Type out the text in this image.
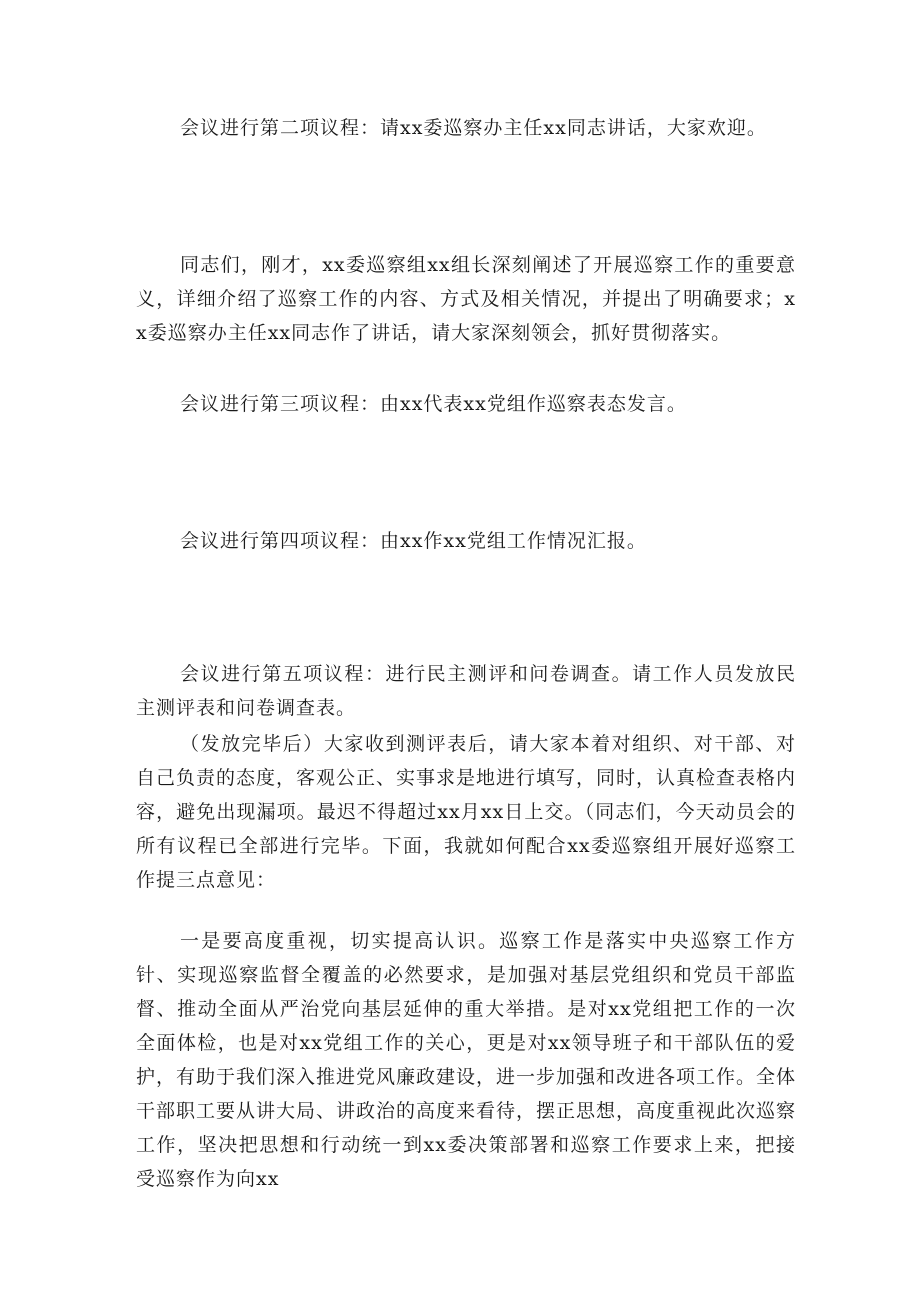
会议进行第二项议程：请xx委巡察办主任xx同志讲话，大家欢迎。

同志们，刚才，xx委巡察组xx组长深刻阐述了开展巡察工作的重要意义，详细介绍了巡察工作的内容、方式及相关情况，并提出了明确要求；xx委巡察办主任xx同志作了讲话，请大家深刻领会，抓好贯彻落实。

会议进行第三项议程：由xx代表xx党组作巡察表态发言。

会议进行第四项议程：由xx作xx党组工作情况汇报。

会议进行第五项议程：进行民主测评和问卷调查。请工作人员发放民主测评表和问卷调查表。

（发放完毕后）大家收到测评表后，请大家本着对组织、对干部、对自己负责的态度，客观公正、实事求是地进行填写，同时，认真检查表格内容，避免出现漏项。最迟不得超过xx月xx日上交。（同志们，今天动员会的所有议程已全部进行完毕。下面，我就如何配合xx委巡察组开展好巡察工作提三点意见：

一是要高度重视，切实提高认识。巡察工作是落实中央巡察工作方针、实现巡察监督全覆盖的必然要求，是加强对基层党组织和党员干部监督、推动全面从严治党向基层延伸的重大举措。是对xx党组把工作的一次全面体检，也是对xx党组工作的关心，更是对xx领导班子和干部队伍的爱护，有助于我们深入推进党风廉政建设，进一步加强和改进各项工作。全体干部职工要从讲大局、讲政治的高度来看待，摆正思想，高度重视此次巡察工作，坚决把思想和行动统一到xx委决策部署和巡察工作要求上来，把接受巡察作为向xx
